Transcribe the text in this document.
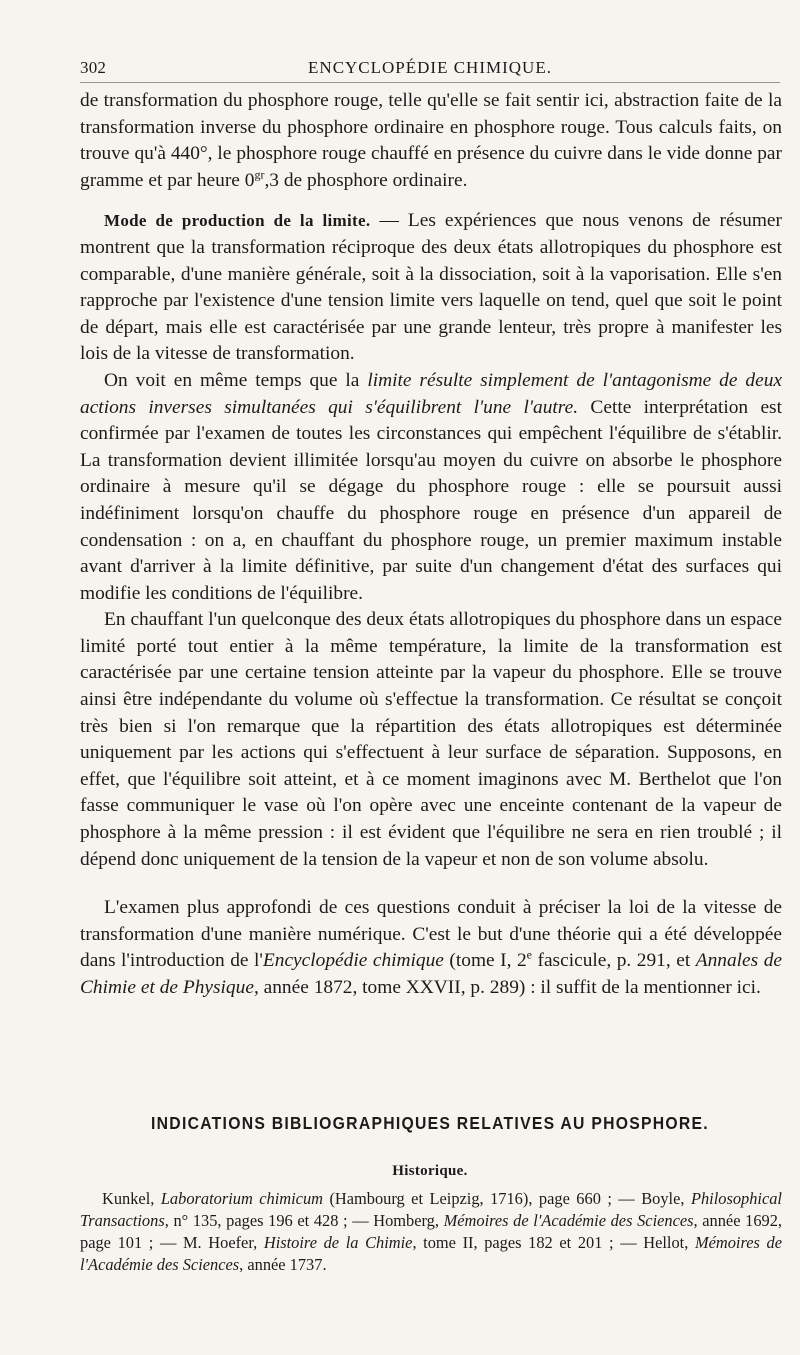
302	ENCYCLOPÉDIE CHIMIQUE.

de transformation du phosphore rouge, telle qu'elle se fait sentir ici, abstraction faite de la transformation inverse du phosphore ordinaire en phosphore rouge. Tous calculs faits, on trouve qu'à 440°, le phosphore rouge chauffé en présence du cuivre dans le vide donne par gramme et par heure $0^{gr},3$ de phosphore ordinaire.

Mode de production de la limite. — Les expériences que nous venons de résumer montrent que la transformation réciproque des deux états allotropiques du phosphore est comparable, d'une manière générale, soit à la dissociation, soit à la vaporisation. Elle s'en rapproche par l'existence d'une tension limite vers laquelle on tend, quel que soit le point de départ, mais elle est caractérisée par une grande lenteur, très propre à manifester les lois de la vitesse de transformation.

On voit en même temps que la limite résulte simplement de l'antagonisme de deux actions inverses simultanées qui s'équilibrent l'une l'autre. Cette interprétation est confirmée par l'examen de toutes les circonstances qui empêchent l'équilibre de s'établir. La transformation devient illimitée lorsqu'au moyen du cuivre on absorbe le phosphore ordinaire à mesure qu'il se dégage du phosphore rouge : elle se poursuit aussi indéfiniment lorsqu'on chauffe du phosphore rouge en présence d'un appareil de condensation : on a, en chauffant du phosphore rouge, un premier maximum instable avant d'arriver à la limite définitive, par suite d'un changement d'état des surfaces qui modifie les conditions de l'équilibre.

En chauffant l'un quelconque des deux états allotropiques du phosphore dans un espace limité porté tout entier à la même température, la limite de la transformation est caractérisée par une certaine tension atteinte par la vapeur du phosphore. Elle se trouve ainsi être indépendante du volume où s'effectue la transformation. Ce résultat se conçoit très bien si l'on remarque que la répartition des états allotropiques est déterminée uniquement par les actions qui s'effectuent à leur surface de séparation. Supposons, en effet, que l'équilibre soit atteint, et à ce moment imaginons avec M. Berthelot que l'on fasse communiquer le vase où l'on opère avec une enceinte contenant de la vapeur de phosphore à la même pression : il est évident que l'équilibre ne sera en rien troublé ; il dépend donc uniquement de la tension de la vapeur et non de son volume absolu.

L'examen plus approfondi de ces questions conduit à préciser la loi de la vitesse de transformation d'une manière numérique. C'est le but d'une théorie qui a été développée dans l'introduction de l'Encyclopédie chimique (tome I, 2e fascicule, p. 291, et Annales de Chimie et de Physique, année 1872, tome XXVII, p. 289) : il suffit de la mentionner ici.

INDICATIONS BIBLIOGRAPHIQUES RELATIVES AU PHOSPHORE.
Historique.

Kunkel, Laboratorium chimicum (Hambourg et Leipzig, 1716), page 660 ; — Boyle, Philosophical Transactions, n° 135, pages 196 et 428 ; — Homberg, Mémoires de l'Académie des Sciences, année 1692, page 101 ; — M. Hoefer, Histoire de la Chimie, tome II, pages 182 et 201 ; — Hellot, Mémoires de l'Académie des Sciences, année 1737.
